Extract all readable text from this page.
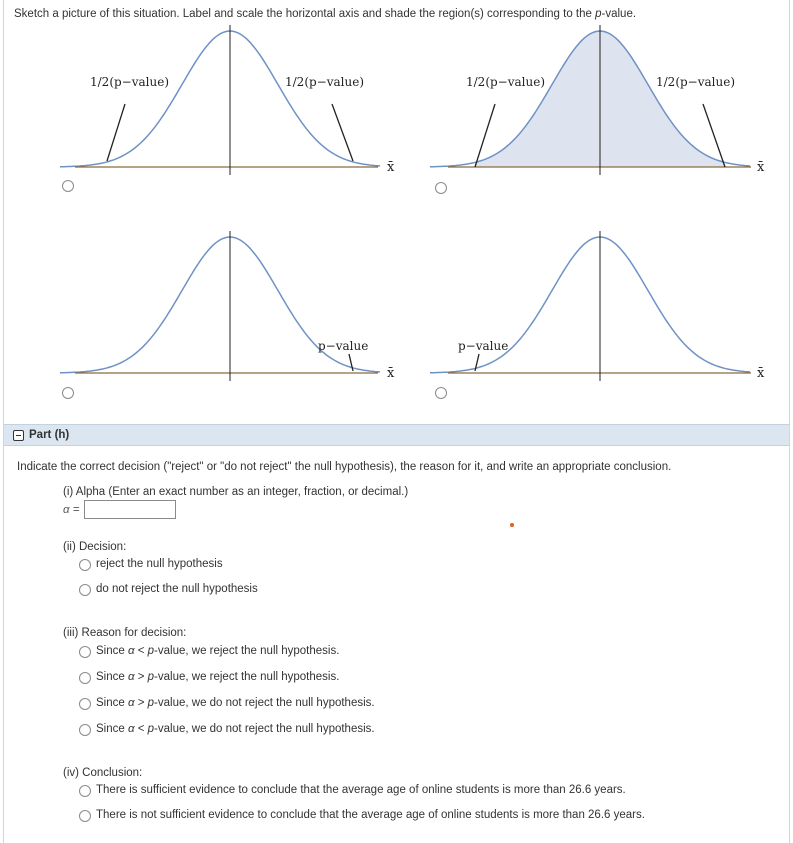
Sketch a picture of this situation. Label and scale the horizontal axis and shade the region(s) corresponding to the p-value.
1/2(p−value)	1/2(p−value)
x̄
1/2(p−value)	1/2(p−value)
x̄
p−value
x̄
p−value
x̄
Part (h)
Indicate the correct decision ("reject" or "do not reject" the null hypothesis), the reason for it, and write an appropriate conclusion.
(i) Alpha (Enter an exact number as an integer, fraction, or decimal.)
α =
(ii) Decision:
reject the null hypothesis
do not reject the null hypothesis
(iii) Reason for decision:
Since α < p-value, we reject the null hypothesis.
Since α > p-value, we reject the null hypothesis.
Since α > p-value, we do not reject the null hypothesis.
Since α < p-value, we do not reject the null hypothesis.
(iv) Conclusion:
There is sufficient evidence to conclude that the average age of online students is more than 26.6 years.
There is not sufficient evidence to conclude that the average age of online students is more than 26.6 years.
